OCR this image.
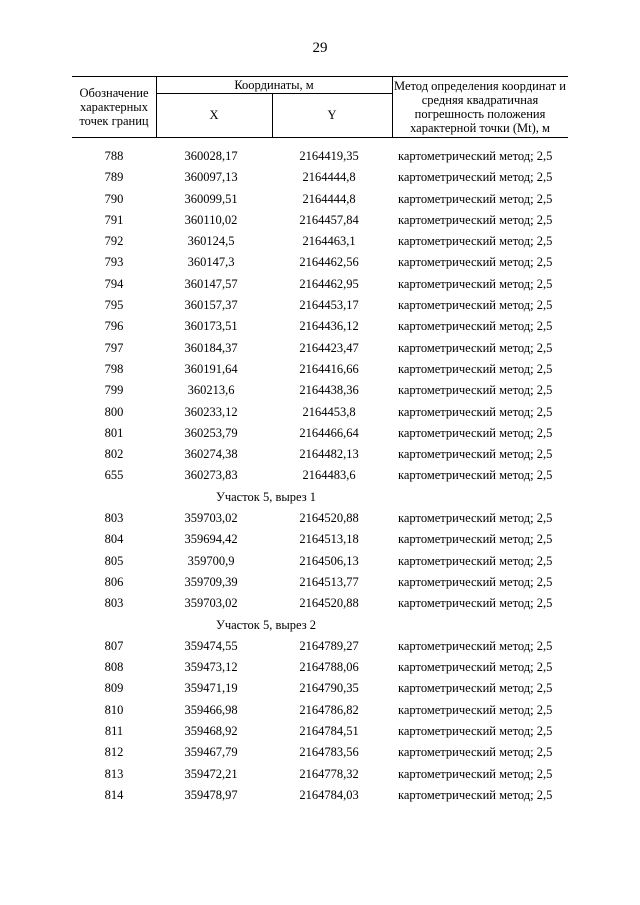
29
Обозначение характерных точек границ
Координаты, м
X	Y
Метод определения координат и средняя квадратичная погрешность положения характерной точки (Mt), м
788	360028,17	2164419,35	картометрический метод; 2,5
789	360097,13	2164444,8	картометрический метод; 2,5
790	360099,51	2164444,8	картометрический метод; 2,5
791	360110,02	2164457,84	картометрический метод; 2,5
792	360124,5	2164463,1	картометрический метод; 2,5
793	360147,3	2164462,56	картометрический метод; 2,5
794	360147,57	2164462,95	картометрический метод; 2,5
795	360157,37	2164453,17	картометрический метод; 2,5
796	360173,51	2164436,12	картометрический метод; 2,5
797	360184,37	2164423,47	картометрический метод; 2,5
798	360191,64	2164416,66	картометрический метод; 2,5
799	360213,6	2164438,36	картометрический метод; 2,5
800	360233,12	2164453,8	картометрический метод; 2,5
801	360253,79	2164466,64	картометрический метод; 2,5
802	360274,38	2164482,13	картометрический метод; 2,5
655	360273,83	2164483,6	картометрический метод; 2,5
Участок 5, вырез 1
803	359703,02	2164520,88	картометрический метод; 2,5
804	359694,42	2164513,18	картометрический метод; 2,5
805	359700,9	2164506,13	картометрический метод; 2,5
806	359709,39	2164513,77	картометрический метод; 2,5
803	359703,02	2164520,88	картометрический метод; 2,5
Участок 5, вырез 2
807	359474,55	2164789,27	картометрический метод; 2,5
808	359473,12	2164788,06	картометрический метод; 2,5
809	359471,19	2164790,35	картометрический метод; 2,5
810	359466,98	2164786,82	картометрический метод; 2,5
811	359468,92	2164784,51	картометрический метод; 2,5
812	359467,79	2164783,56	картометрический метод; 2,5
813	359472,21	2164778,32	картометрический метод; 2,5
814	359478,97	2164784,03	картометрический метод; 2,5
